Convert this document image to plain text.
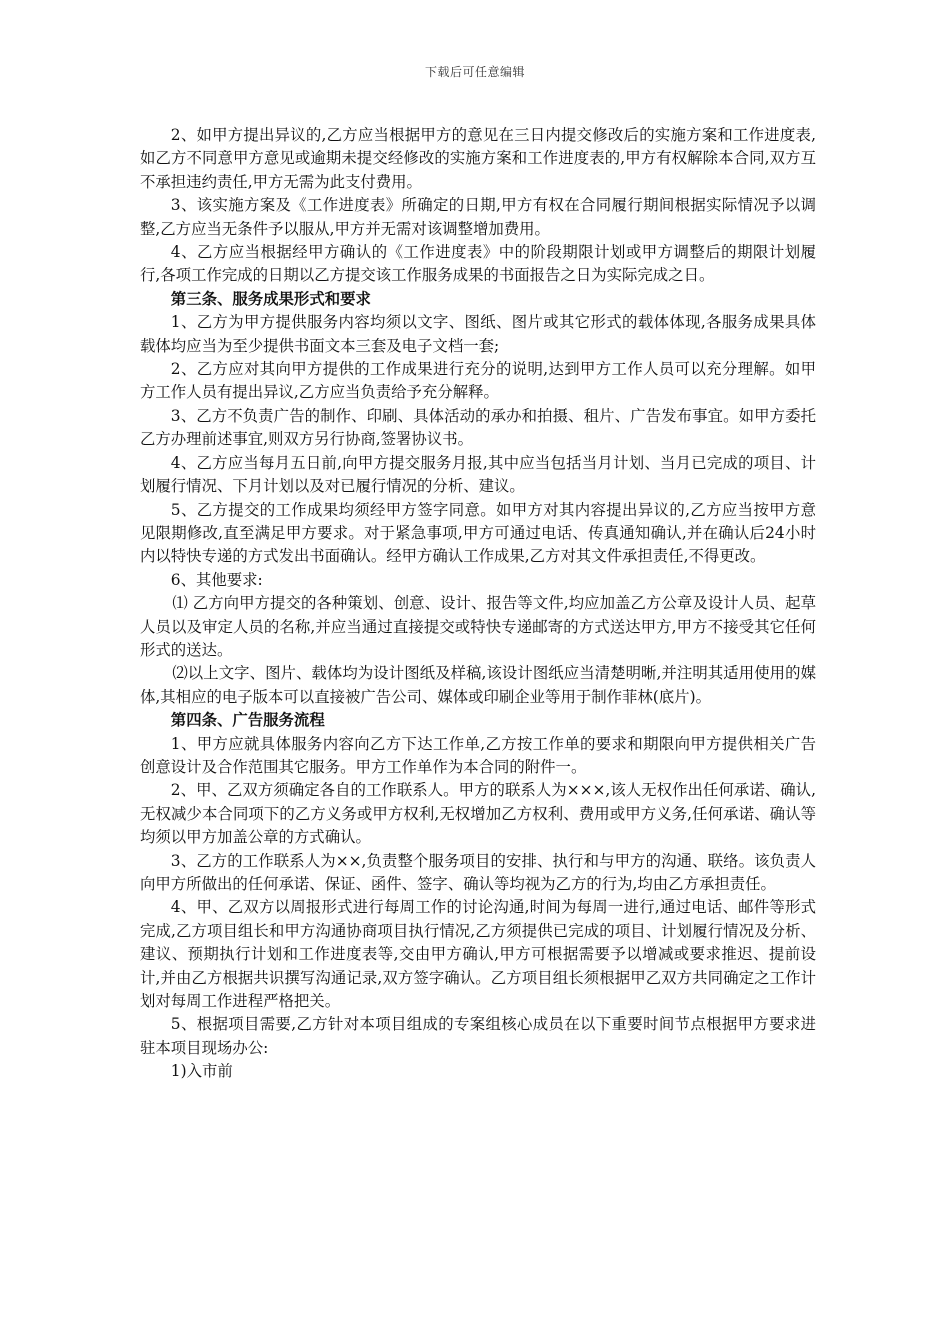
下载后可任意编辑

2、如甲方提出异议的,乙方应当根据甲方的意见在三日内提交修改后的实施方案和工作进度表,如乙方不同意甲方意见或逾期未提交经修改的实施方案和工作进度表的,甲方有权解除本合同,双方互不承担违约责任,甲方无需为此支付费用。

3、该实施方案及《工作进度表》所确定的日期,甲方有权在合同履行期间根据实际情况予以调整,乙方应当无条件予以服从,甲方并无需对该调整增加费用。

4、乙方应当根据经甲方确认的《工作进度表》中的阶段期限计划或甲方调整后的期限计划履行,各项工作完成的日期以乙方提交该工作服务成果的书面报告之日为实际完成之日。

第三条、服务成果形式和要求

1、乙方为甲方提供服务内容均须以文字、图纸、图片或其它形式的载体体现,各服务成果具体载体均应当为至少提供书面文本三套及电子文档一套;

2、乙方应对其向甲方提供的工作成果进行充分的说明,达到甲方工作人员可以充分理解。如甲方工作人员有提出异议,乙方应当负责给予充分解释。

3、乙方不负责广告的制作、印刷、具体活动的承办和拍摄、租片、广告发布事宜。如甲方委托乙方办理前述事宜,则双方另行协商,签署协议书。

4、乙方应当每月五日前,向甲方提交服务月报,其中应当包括当月计划、当月已完成的项目、计划履行情况、下月计划以及对已履行情况的分析、建议。

5、乙方提交的工作成果均须经甲方签字同意。如甲方对其内容提出异议的,乙方应当按甲方意见限期修改,直至满足甲方要求。对于紧急事项,甲方可通过电话、传真通知确认,并在确认后24小时内以特快专递的方式发出书面确认。经甲方确认工作成果,乙方对其文件承担责任,不得更改。

6、其他要求:

⑴ 乙方向甲方提交的各种策划、创意、设计、报告等文件,均应加盖乙方公章及设计人员、起草人员以及审定人员的名称,并应当通过直接提交或特快专递邮寄的方式送达甲方,甲方不接受其它任何形式的送达。

⑵以上文字、图片、载体均为设计图纸及样稿,该设计图纸应当清楚明晰,并注明其适用使用的媒体,其相应的电子版本可以直接被广告公司、媒体或印刷企业等用于制作菲林(底片)。

第四条、广告服务流程

1、甲方应就具体服务内容向乙方下达工作单,乙方按工作单的要求和期限向甲方提供相关广告创意设计及合作范围其它服务。甲方工作单作为本合同的附件一。

2、甲、乙双方须确定各自的工作联系人。甲方的联系人为×××,该人无权作出任何承诺、确认,无权减少本合同项下的乙方义务或甲方权利,无权增加乙方权利、费用或甲方义务,任何承诺、确认等均须以甲方加盖公章的方式确认。

3、乙方的工作联系人为××,负责整个服务项目的安排、执行和与甲方的沟通、联络。该负责人向甲方所做出的任何承诺、保证、函件、签字、确认等均视为乙方的行为,均由乙方承担责任。

4、甲、乙双方以周报形式进行每周工作的讨论沟通,时间为每周一进行,通过电话、邮件等形式完成,乙方项目组长和甲方沟通协商项目执行情况,乙方须提供已完成的项目、计划履行情况及分析、建议、预期执行计划和工作进度表等,交由甲方确认,甲方可根据需要予以增减或要求推迟、提前设计,并由乙方根据共识撰写沟通记录,双方签字确认。乙方项目组长须根据甲乙双方共同确定之工作计划对每周工作进程严格把关。

5、根据项目需要,乙方针对本项目组成的专案组核心成员在以下重要时间节点根据甲方要求进驻本项目现场办公:

1)入市前
